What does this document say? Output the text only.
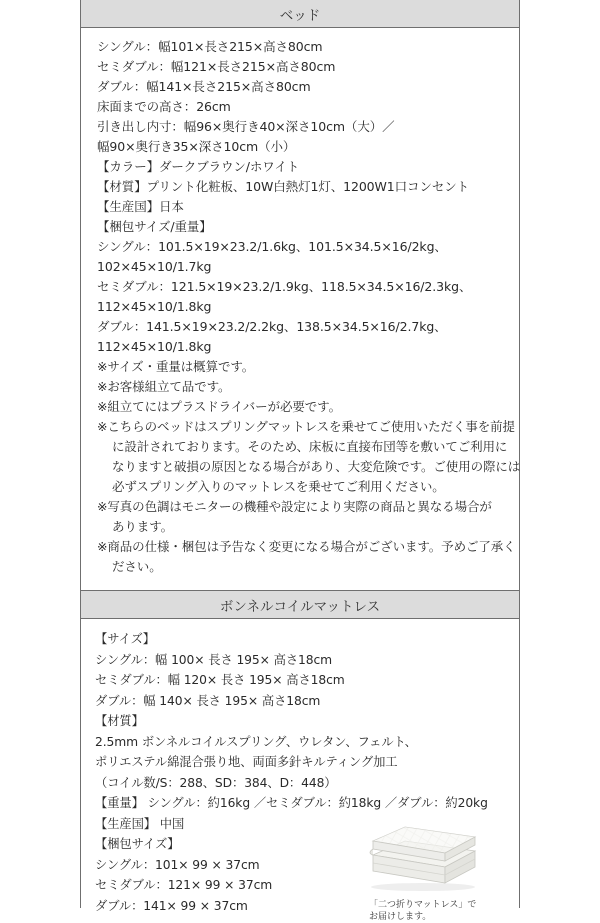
ベッド
シングル：幅101×長さ215×高さ80cm
セミダブル：幅121×長さ215×高さ80cm
ダブル：幅141×長さ215×高さ80cm
床面までの高さ：26cm
引き出し内寸：幅96×奥行き40×深さ10cm（大）／
幅90×奥行き35×深さ10cm（小）
【カラー】ダークブラウン/ホワイト
【材質】プリント化粧板、10W白熱灯1灯、1200W1口コンセント
【生産国】日本
【梱包サイズ/重量】
シングル：101.5×19×23.2/1.6kg、101.5×34.5×16/2kg、
102×45×10/1.7kg
セミダブル：121.5×19×23.2/1.9kg、118.5×34.5×16/2.3kg、
112×45×10/1.8kg
ダブル：141.5×19×23.2/2.2kg、138.5×34.5×16/2.7kg、
112×45×10/1.8kg
※サイズ・重量は概算です。
※お客様組立て品です。
※組立てにはプラスドライバーが必要です。
※こちらのベッドはスプリングマットレスを乗せてご使用いただく事を前提
に設計されております。そのため、床板に直接布団等を敷いてご利用に
なりますと破損の原因となる場合があり、大変危険です。ご使用の際には
必ずスプリング入りのマットレスを乗せてご利用ください。
※写真の色調はモニターの機種や設定により実際の商品と異なる場合が
あります。
※商品の仕様・梱包は予告なく変更になる場合がございます。予めご了承く
ださい。
ボンネルコイルマットレス
【サイズ】
シングル：幅 100× 長さ 195× 高さ18cm
セミダブル：幅 120× 長さ 195× 高さ18cm
ダブル：幅 140× 長さ 195× 高さ18cm
【材質】
2.5mm ボンネルコイルスプリング、ウレタン、フェルト、
ポリエステル綿混合張り地、両面多針キルティング加工
（コイル数/S：288、SD：384、D：448）
【重量】 シングル：約16kg ／セミダブル：約18kg ／ダブル：約20kg
【生産国】 中国
【梱包サイズ】
シングル：101× 99 × 37cm
セミダブル：121× 99 × 37cm
ダブル：141× 99 × 37cm	「二つ折りマットレス」で
お届けします。
